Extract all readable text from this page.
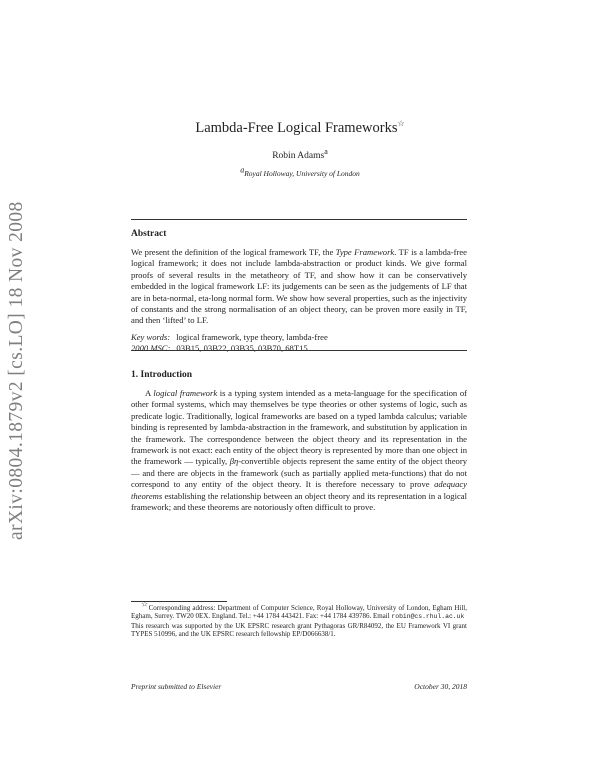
arXiv:0804.1879v2 [cs.LO] 18 Nov 2008
Lambda-Free Logical Frameworks☆
Robin Adams$^a$
aRoyal Holloway, University of London

Abstract

We present the definition of the logical framework TF, the Type Framework. TF is a lambda-free logical framework; it does not include lambda-abstraction or product kinds. We give formal proofs of several results in the metatheory of TF, and show how it can be conservatively embedded in the logical framework LF: its judgements can be seen as the judgements of LF that are in beta-normal, eta-long normal form. We show how several properties, such as the injectivity of constants and the strong normalisation of an object theory, can be proven more easily in TF, and then ‘lifted’ to LF.

Key words: logical framework, type theory, lambda-free
2000 MSC: 03B15, 03B22, 03B35, 03B70, 68T15

1. Introduction

A logical framework is a typing system intended as a meta-language for the specification of other formal systems, which may themselves be type theories or other systems of logic, such as predicate logic. Traditionally, logical frameworks are based on a typed lambda calculus; variable binding is represented by lambda-abstraction in the framework, and substitution by application in the framework. The correspondence between the object theory and its representation in the framework is not exact: each entity of the object theory is represented by more than one object in the framework — typically, βη-convertible objects represent the same entity of the object theory — and there are objects in the framework (such as partially applied meta-functions) that do not correspond to any entity of the object theory. It is therefore necessary to prove adequacy theorems establishing the relationship between an object theory and its representation in a logical framework; and these theorems are notoriously often difficult to prove.

☆Corresponding address: Department of Computer Science, Royal Holloway, University of London, Egham Hill, Egham, Surrey. TW20 0EX. England. Tel.: +44 1784 443421. Fax: +44 1784 439786. Email robin@cs.rhul.ac.uk

This research was supported by the UK EPSRC research grant Pythagoras GR/R84092, the EU Framework VI grant TYPES 510996, and the UK EPSRC research fellowship EP/D066638/1.

Preprint submitted to Elsevier	October 30, 2018
